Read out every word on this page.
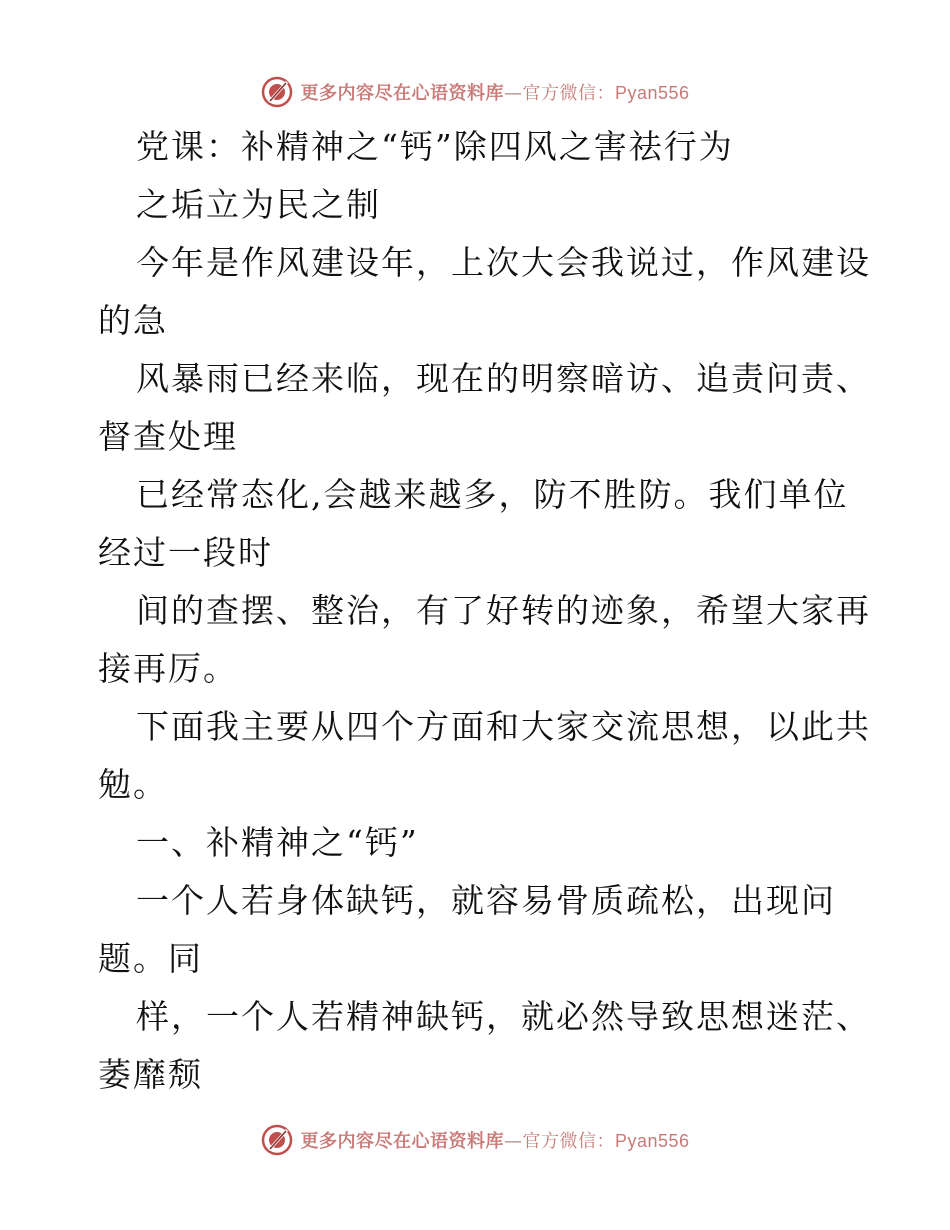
更多内容尽在心语资料库—官方微信：Pyan556
党课：补精神之“钙”除四风之害祛行为
之垢立为民之制
今年是作风建设年，上次大会我说过，作风建设
的急
风暴雨已经来临，现在的明察暗访、追责问责、
督查处理
已经常态化,会越来越多，防不胜防。我们单位
经过一段时
间的查摆、整治，有了好转的迹象，希望大家再
接再厉。
下面我主要从四个方面和大家交流思想，以此共
勉。
一、补精神之“钙”
一个人若身体缺钙，就容易骨质疏松，出现问
题。同
样，一个人若精神缺钙，就必然导致思想迷茫、
萎靡颓
更多内容尽在心语资料库—官方微信：Pyan556
